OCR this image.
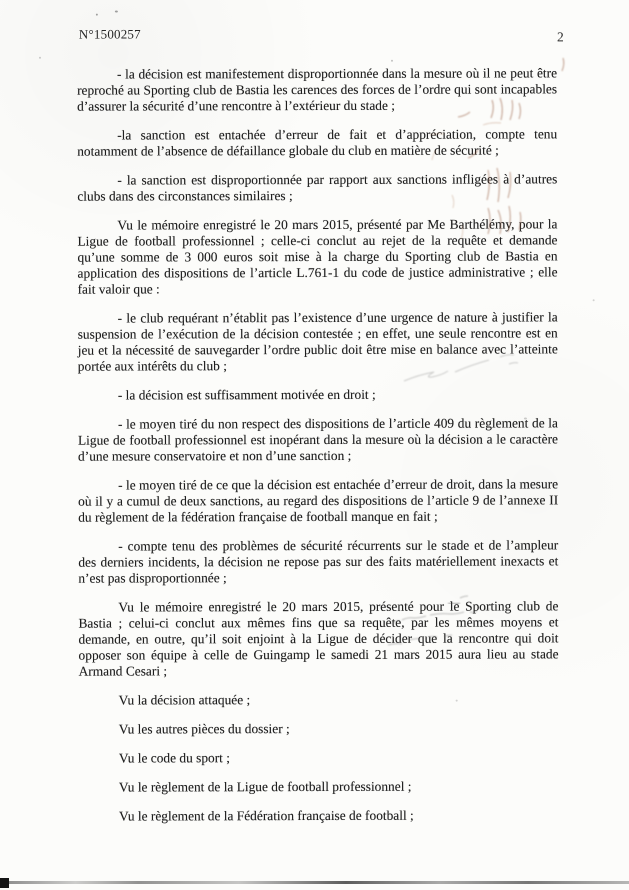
N°1500257	2

- la décision est manifestement disproportionnée dans la mesure où il ne peut être reproché au Sporting club de Bastia les carences des forces de l’ordre qui sont incapables d’assurer la sécurité d’une rencontre à l’extérieur du stade ;

-la sanction est entachée d’erreur de fait et d’appréciation, compte tenu notamment de l’absence de défaillance globale du club en matière de sécurité ;

- la sanction est disproportionnée par rapport aux sanctions infligées à d’autres clubs dans des circonstances similaires ;

Vu le mémoire enregistré le 20 mars 2015, présenté par Me Barthélémy, pour la Ligue de football professionnel ; celle-ci conclut au rejet de la requête et demande qu’une somme de 3 000 euros soit mise à la charge du Sporting club de Bastia en application des dispositions de l’article L.761-1 du code de justice administrative ; elle fait valoir que :

- le club requérant n’établit pas l’existence d’une urgence de nature à justifier la suspension de l’exécution de la décision contestée ; en effet, une seule rencontre est en jeu et la nécessité de sauvegarder l’ordre public doit être mise en balance avec l’atteinte portée aux intérêts du club ;

- la décision est suffisamment motivée en droit ;

- le moyen tiré du non respect des dispositions de l’article 409 du règlement de la Ligue de football professionnel est inopérant dans la mesure où la décision a le caractère d’une mesure conservatoire et non d’une sanction ;

- le moyen tiré de ce que la décision est entachée d’erreur de droit, dans la mesure où il y a cumul de deux sanctions, au regard des dispositions de l’article 9 de l’annexe II du règlement de la fédération française de football manque en fait ;

- compte tenu des problèmes de sécurité récurrents sur le stade et de l’ampleur des derniers incidents, la décision ne repose pas sur des faits matériellement inexacts et n’est pas disproportionnée ;

Vu le mémoire enregistré le 20 mars 2015, présenté pour le Sporting club de Bastia ; celui-ci conclut aux mêmes fins que sa requête, par les mêmes moyens et demande, en outre, qu’il soit enjoint à la Ligue de décider que la rencontre qui doit opposer son équipe à celle de Guingamp le samedi 21 mars 2015 aura lieu au stade Armand Cesari ;

Vu la décision attaquée ;

Vu les autres pièces du dossier ;

Vu le code du sport ;

Vu le règlement de la Ligue de football professionnel ;

Vu le règlement de la Fédération française de football ;
